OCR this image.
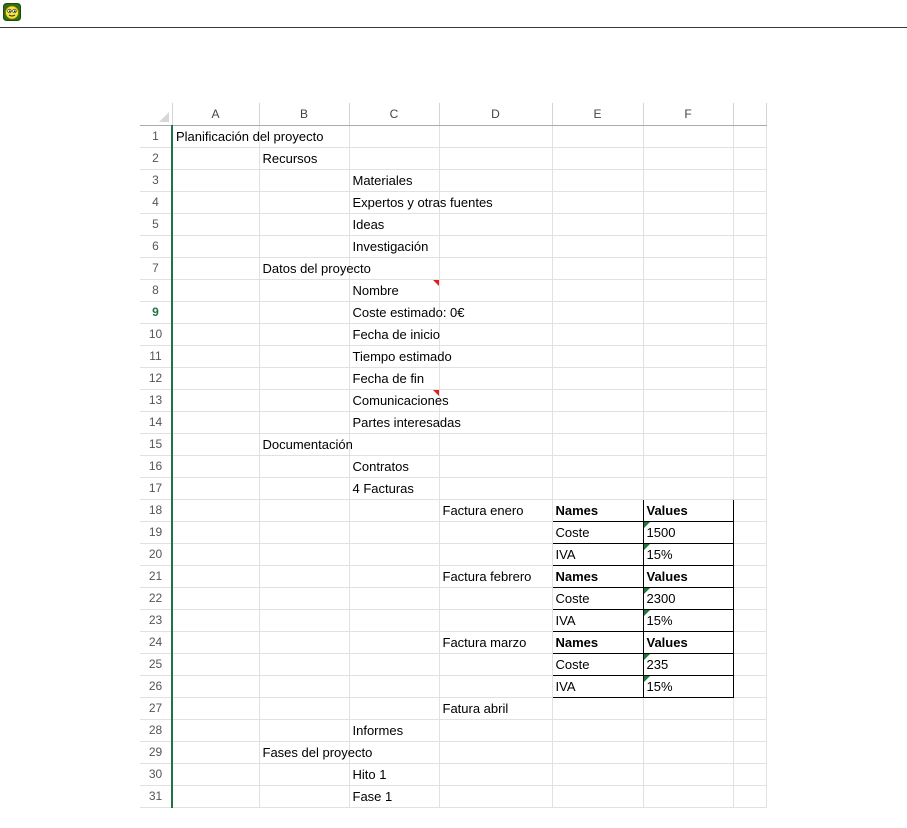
	A	B	C	D	E	F	
1	Planificación del proyecto						

2		Recursos					

3			Materiales				

4			Expertos y otras fuentes				

5			Ideas				

6			Investigación				

7		Datos del proyecto					

8			Nombre				

9			Coste estimado: 0€				

10			Fecha de inicio				

11			Tiempo estimado				

12			Fecha de fin				

13			Comunicaciones				

14			Partes interesadas				

15		Documentación					

16			Contratos				

17			4 Facturas				

18				Factura enero	Names	Values	

19					Coste	1500	

20					IVA	15%	

21				Factura febrero	Names	Values	

22					Coste	2300	

23					IVA	15%	

24				Factura marzo	Names	Values	

25					Coste	235	

26					IVA	15%	

27				Fatura abril			

28			Informes				

29		Fases del proyecto					

30			Hito 1				

31			Fase 1				
